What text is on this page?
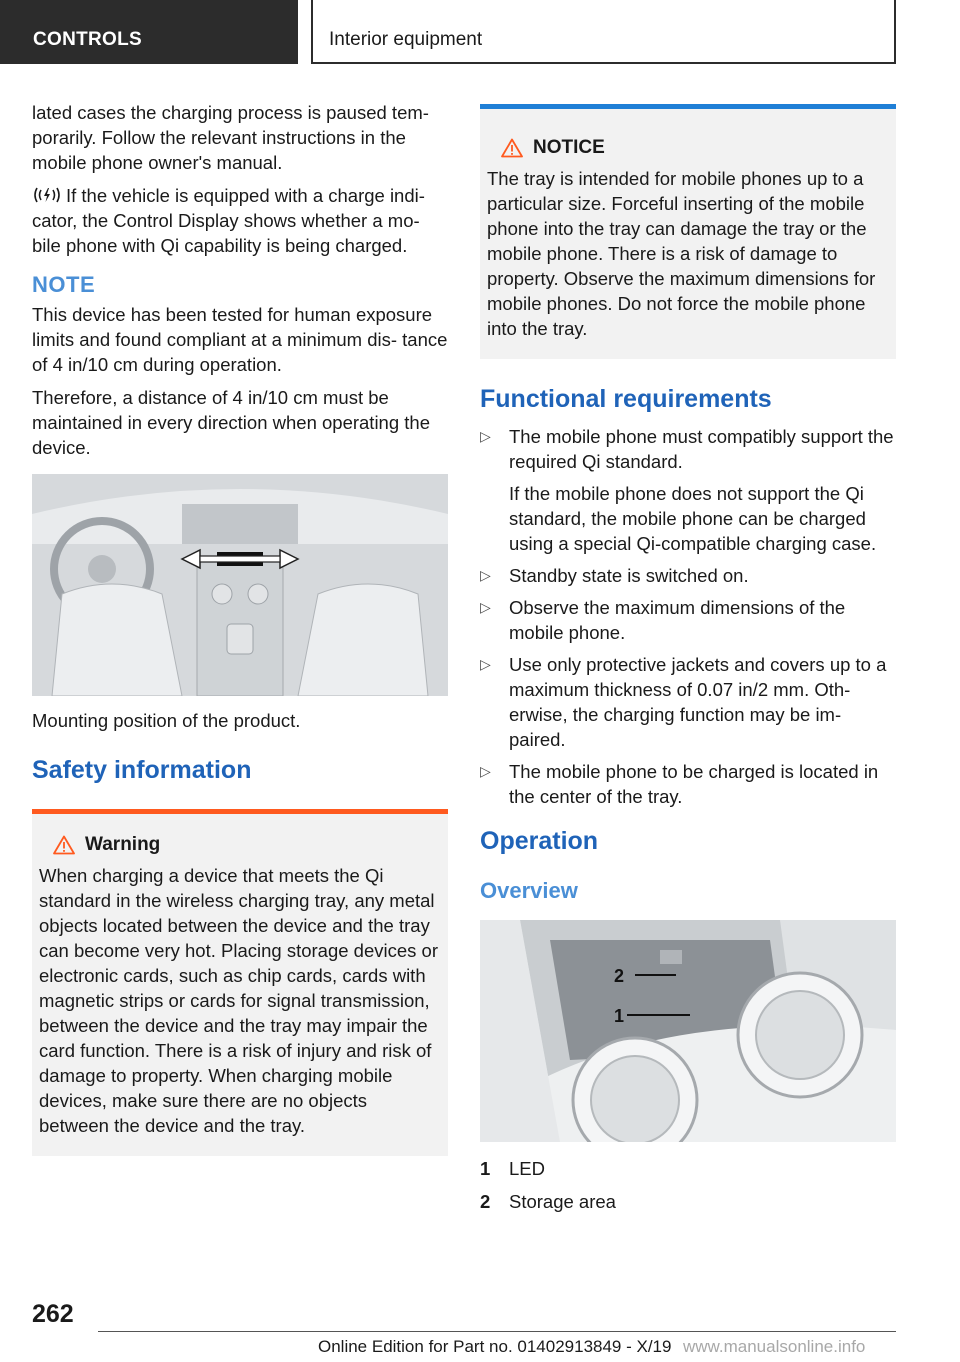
CONTROLS	Interior equipment

lated cases the charging process is paused tem- porarily. Follow the relevant instructions in the mobile phone owner's manual.

If the vehicle is equipped with a charge indi- cator, the Control Display shows whether a mo- bile phone with Qi capability is being charged.

NOTE

This device has been tested for human exposure limits and found compliant at a minimum dis- tance of 4 in/10 cm during operation.

Therefore, a distance of 4 in/10 cm must be maintained in every direction when operating the device.

Mounting position of the product.

Safety information
Warning
When charging a device that meets the Qi standard in the wireless charging tray, any metal objects located between the device and the tray can become very hot. Placing storage devices or electronic cards, such as chip cards, cards with magnetic strips or cards for signal transmission, between the device and the tray may impair the card function. There is a risk of injury and risk of damage to property. When charging mobile devices, make sure there are no objects between the device and the tray.
NOTICE
The tray is intended for mobile phones up to a particular size. Forceful inserting of the mobile phone into the tray can damage the tray or the mobile phone. There is a risk of damage to property. Observe the maximum dimensions for mobile phones. Do not force the mobile phone into the tray.
Functional requirements
▷ The mobile phone must compatibly support the required Qi standard.

If the mobile phone does not support the Qi standard, the mobile phone can be charged using a special Qi-compatible charging case.

▷ Standby state is switched on.
▷ Observe the maximum dimensions of the mobile phone.
▷ Use only protective jackets and covers up to a maximum thickness of 0.07 in/2 mm. Oth- erwise, the charging function may be im- paired.
▷ The mobile phone to be charged is located in the center of the tray.
Operation
Overview
2
1
1	LED
2	Storage area
262
Online Edition for Part no. 01402913849 - X/19 www.manualsonline.info
